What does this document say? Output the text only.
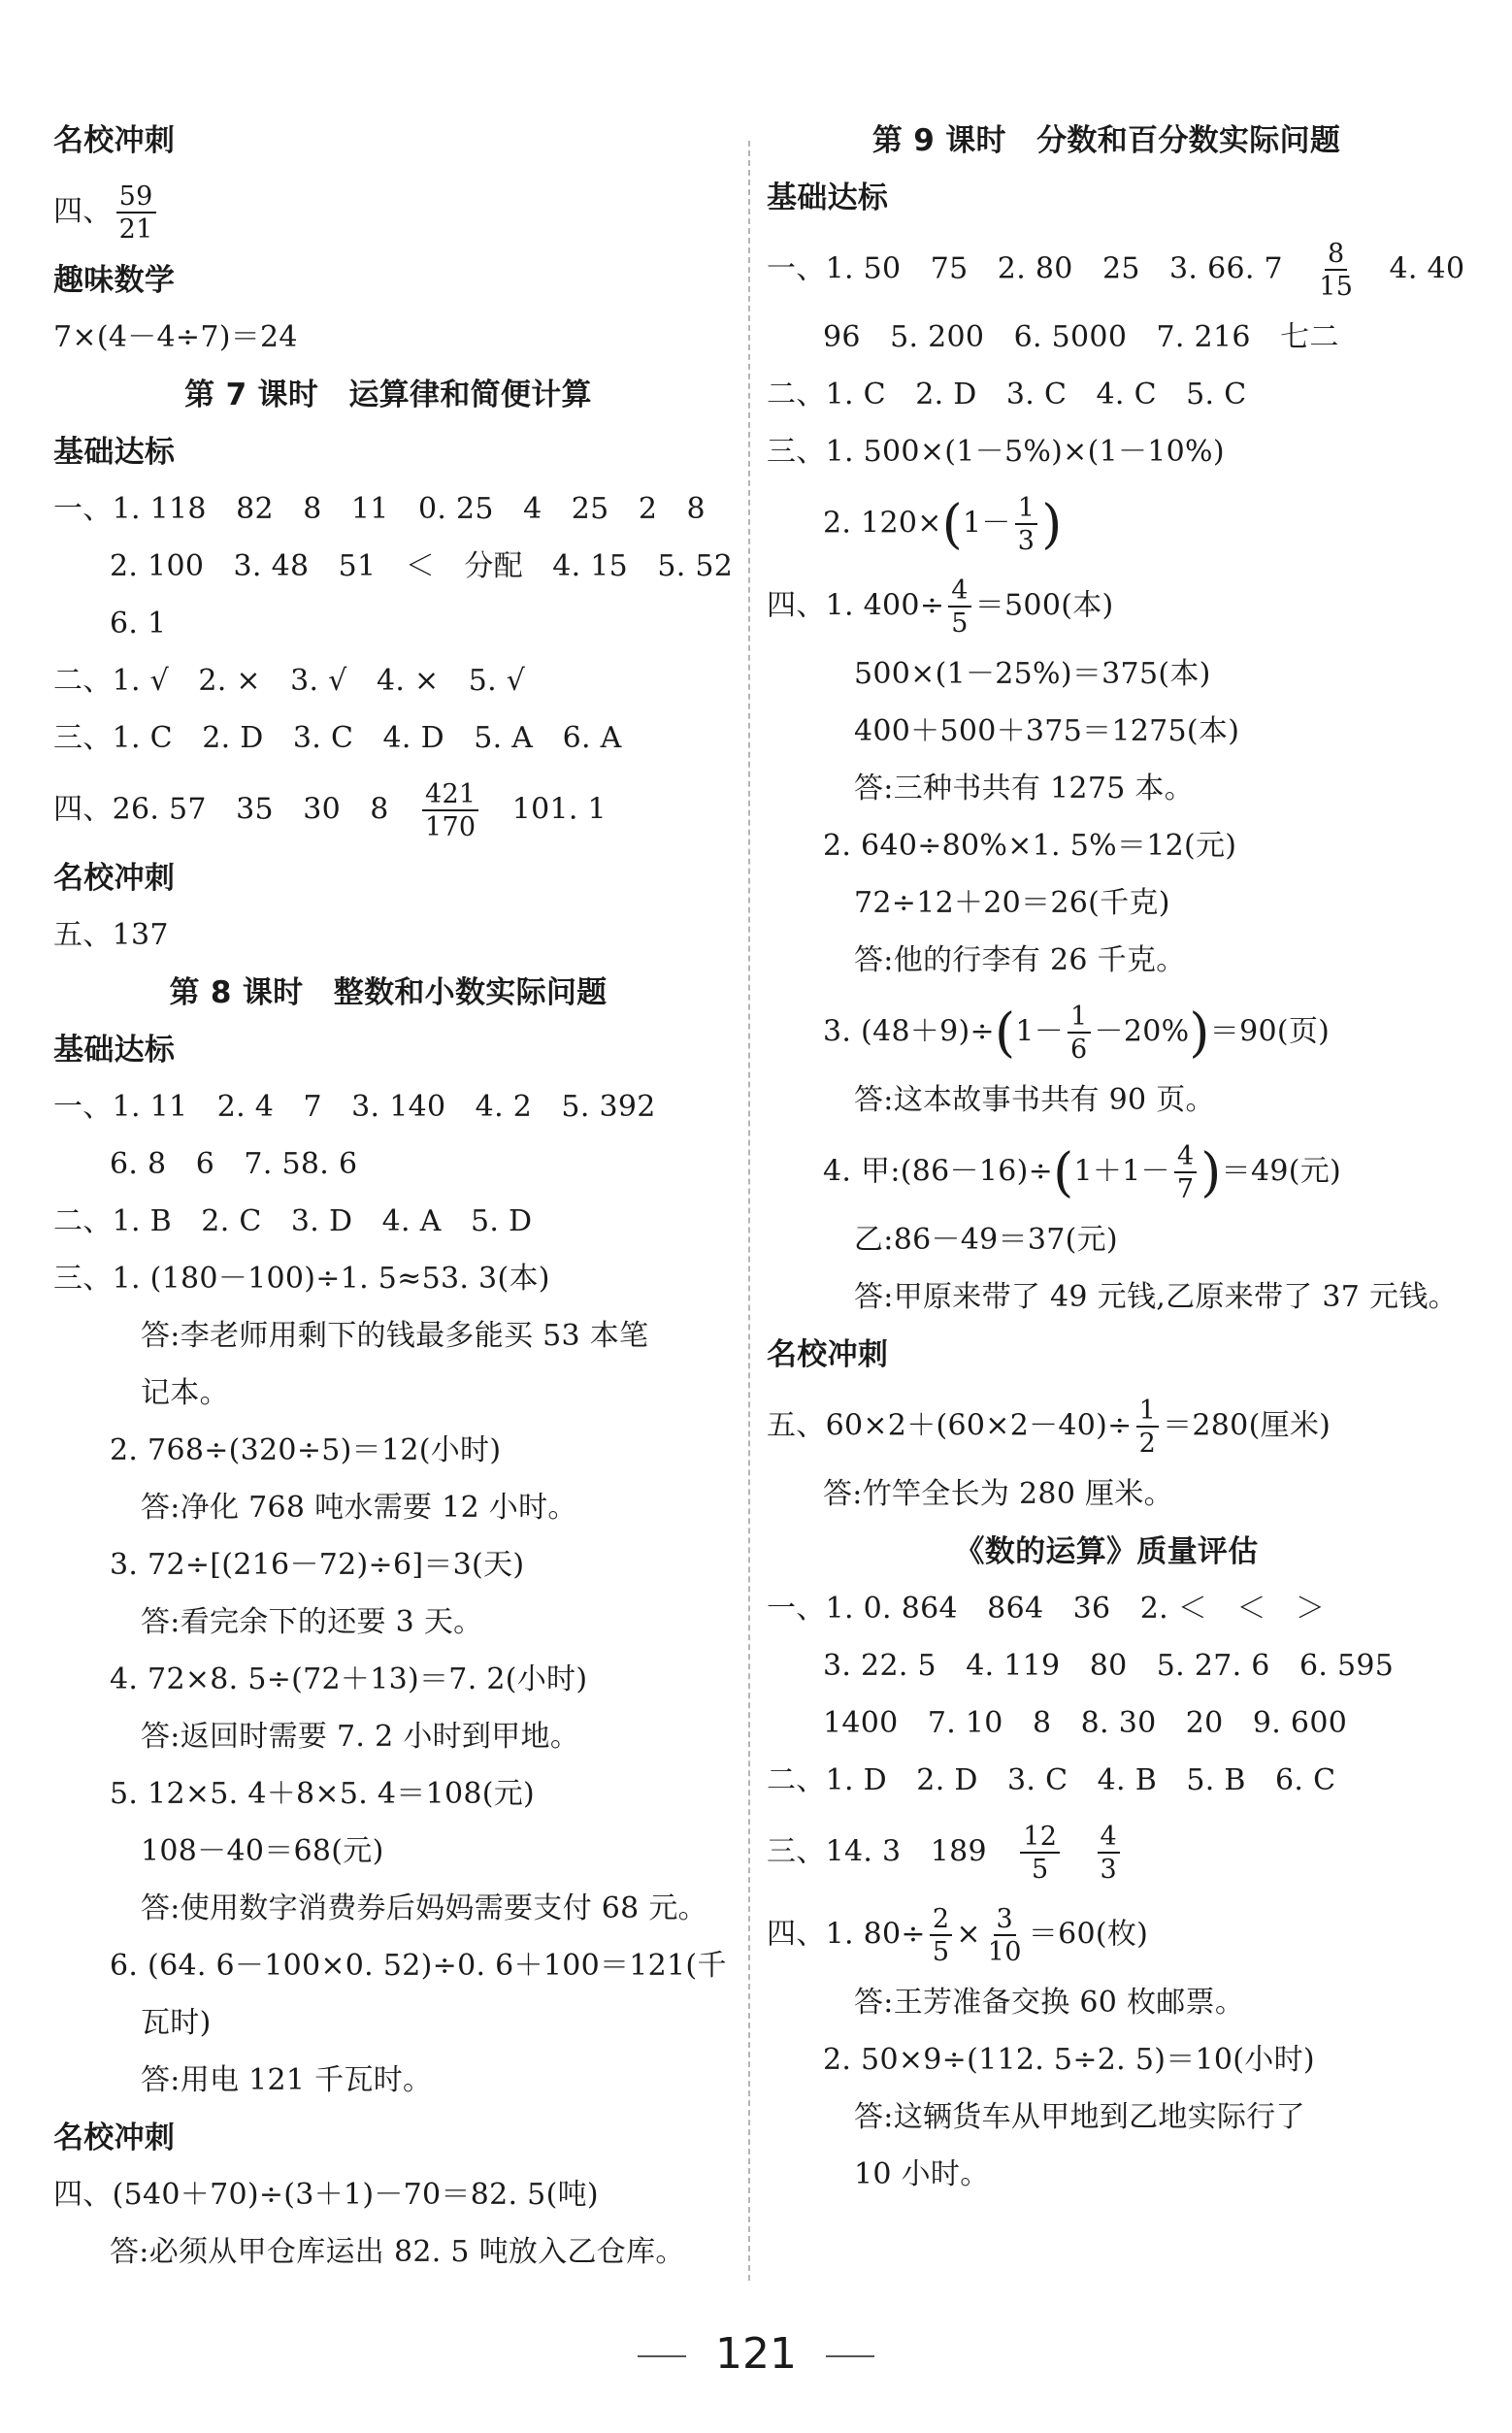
名校冲刺
四、 $\frac{59}{21}$
趣味数学
7×(4－4÷7)＝24
第 7 课时　运算律和简便计算
基础达标
一、1. 118　82　8　11　0. 25　4　25　2　8
2. 100　3. 48　51　＜　分配　4. 15　5. 52
6. 1
二、1. √　2. ×　3. √　4. ×　5. √
三、1. C　2. D　3. C　4. D　5. A　6. A
四、26. 57　35　30　8　 $\frac{421}{170}$
　 101. 1
名校冲刺
五、137
第 8 课时　整数和小数实际问题
基础达标
一、1. 11　2. 4　7　3. 140　4. 2　5. 392
6. 8　6　7. 58. 6
二、1. B　2. C　3. D　4. A　5. D
三、1. (180－100)÷1. 5≈53. 3(本)
答:李老师用剩下的钱最多能买 53 本笔
记本。
2. 768÷(320÷5)＝12(小时)
答:净化 768 吨水需要 12 小时。
3. 72÷[(216－72)÷6]＝3(天)
答:看完余下的还要 3 天。
4. 72×8. 5÷(72＋13)＝7. 2(小时)
答:返回时需要 7. 2 小时到甲地。
5. 12×5. 4＋8×5. 4＝108(元)
108－40＝68(元)
答:使用数字消费券后妈妈需要支付 68 元。
6. (64. 6－100×0. 52)÷0. 6＋100＝121(千
瓦时)
答:用电 121 千瓦时。
名校冲刺
四、(540＋70)÷(3＋1)－70＝82. 5(吨)
答:必须从甲仓库运出 82. 5 吨放入乙仓库。
第 9 课时　分数和百分数实际问题
基础达标
一、1. 50　75　2. 80　25　3. 66. 7　 $\frac{8}{15}$
　 4. 40
96　5. 200　6. 5000　7. 216　七二
二、1. C　2. D　3. C　4. C　5. C
三、1. 500×(1－5%)×(1－10%)
2. $120\times(1- \frac{1}{3}$ )
四、1. $400\div \frac{4}{5} =500$(本)
500×(1－25%)＝375(本)
400＋500＋375＝1275(本)
答:三种书共有 1275 本。
2. 640÷80%×1. 5%＝12(元)
72÷12＋20＝26(千克)
答:他的行李有 26 千克。
3. $(48+9)\div(1- \frac{1}{6} -20\%)=90$(页)
答:这本故事书共有 90 页。
4. 甲:(86－16)÷(1＋1－ $\frac{4}{7} )=49$(元)
乙:86－49＝37(元)
答:甲原来带了 49 元钱,乙原来带了 37 元钱。
名校冲刺
五、$60\times 2+(60\times 2-40)\div \frac{1}{2} =280$(厘米)
答:竹竿全长为 280 厘米。
《数的运算》质量评估
一、1. 0. 864　864　36　2. ＜　＜　＞
3. 22. 5　4. 119　80　5. 27. 6　6. 595
1400　7. 10　8　8. 30　20　9. 600
二、1. D　2. D　3. C　4. B　5. B　6. C
三、14. 3　189　 $\frac{12}{5}$
　 $\frac{4}{3}$
四、1. $80\div \frac{2}{5} \times \frac{3}{10} =60$(枚)
答:王芳准备交换 60 枚邮票。
2. 50×9÷(112. 5÷2. 5)＝10(小时)
答:这辆货车从甲地到乙地实际行了
10 小时。
121
